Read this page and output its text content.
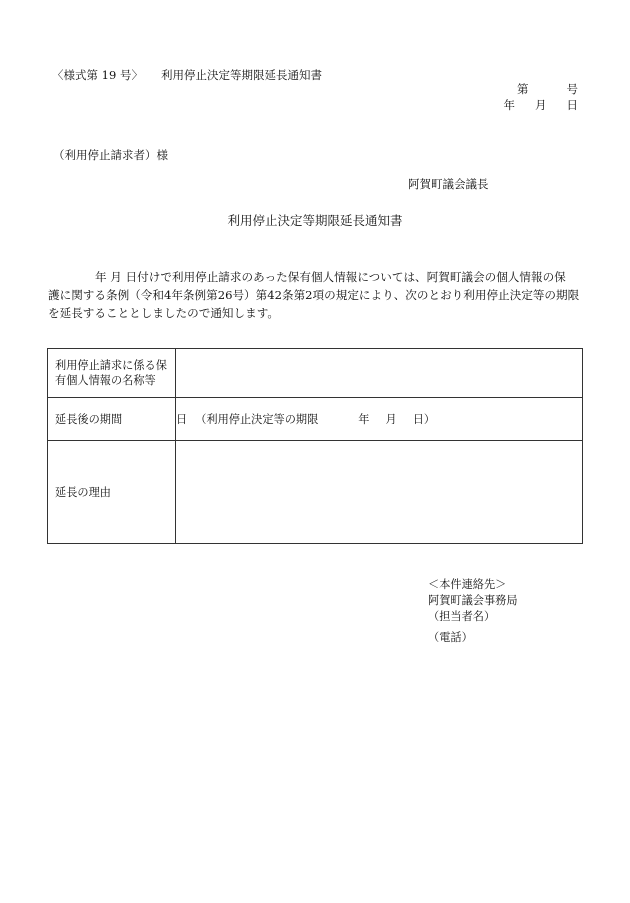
〈様式第 19 号〉 利用停止決定等期限延長通知書
第	号
年 月 日
（利用停止請求者）様
阿賀町議会議長
利用停止決定等期限延長通知書
年 月 日付けで利用停止請求のあった保有個人情報については、阿賀町議会の個人情報の保
護に関する条例（令和4年条例第26号）第42条第2項の規定により、次のとおり利用停止決定等の期限
を延長することとしましたので通知します。
利用停止請求に係る保有個人情報の名称等	

延長後の期間	日 （利用停止決定等の期限 年 月 日）
延長の理由	
＜本件連絡先＞
阿賀町議会事務局
（担当者名）
（電話）
